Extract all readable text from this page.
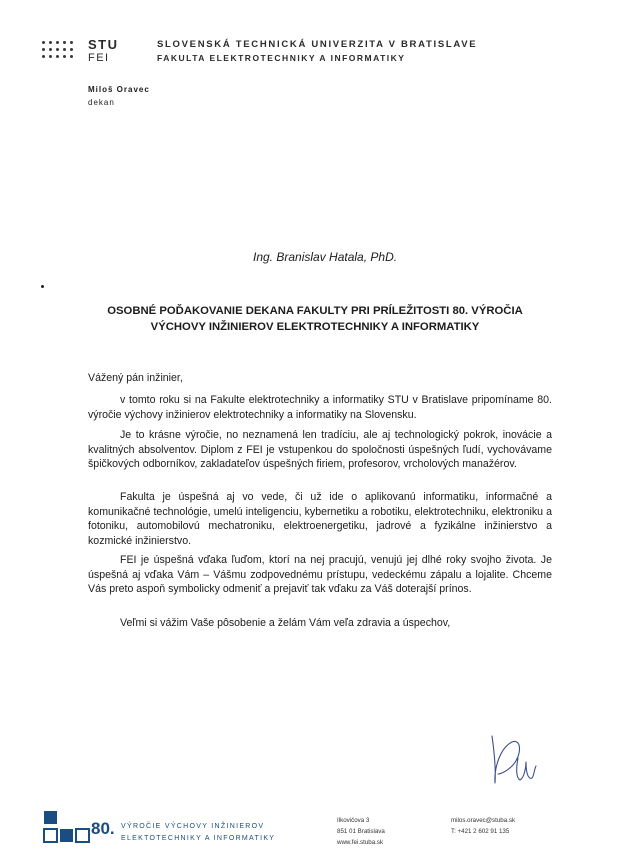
STU
FEI
SLOVENSKÁ TECHNICKÁ UNIVERZITA V BRATISLAVE
FAKULTA ELEKTROTECHNIKY A INFORMATIKY
Miloš Oravec
dekan
Ing. Branislav Hatala, PhD.
OSOBNÉ POĎAKOVANIE DEKANA FAKULTY PRI PRÍLEŽITOSTI 80. VÝROČIA
VÝCHOVY INŽINIEROV ELEKTROTECHNIKY A INFORMATIKY
Vážený pán inžinier,
v tomto roku si na Fakulte elektrotechniky a informatiky STU v Bratislave pripomíname 80. výročie výchovy inžinierov elektrotechniky a informatiky na Slovensku.
Je to krásne výročie, no neznamená len tradíciu, ale aj technologický pokrok, inovácie a kvalitných absolventov. Diplom z FEI je vstupenkou do spoločnosti úspešných ľudí, vychovávame špičkových odborníkov, zakladateľov úspešných firiem, profesorov, vrcholových manažérov.
Fakulta je úspešná aj vo vede, či už ide o aplikovanú informatiku, informačné a komunikačné technológie, umelú inteligenciu, kybernetiku a robotiku, elektrotechniku, elektroniku a fotoniku, automobilovú mechatroniku, elektroenergetiku, jadrové a fyzikálne inžinierstvo a kozmické inžinierstvo.
FEI je úspešná vďaka ľuďom, ktorí na nej pracujú, venujú jej dlhé roky svojho života. Je úspešná aj vďaka Vám – Vášmu zodpovednému prístupu, vedeckému zápalu a lojalite. Chceme Vás preto aspoň symbolicky odmeniť a prejaviť tak vďaku za Váš doterajší prínos.
Veľmi si vážim Vaše pôsobenie a želám Vám veľa zdravia a úspechov,
80. VÝROČIE VÝCHOVY INŽINIEROV
ELEKTOTECHNIKY A INFORMATIKY
Ilkovičova 3
851 01 Bratislava
www.fei.stuba.sk
milos.oravec@stuba.sk
T: +421 2 602 91 135
